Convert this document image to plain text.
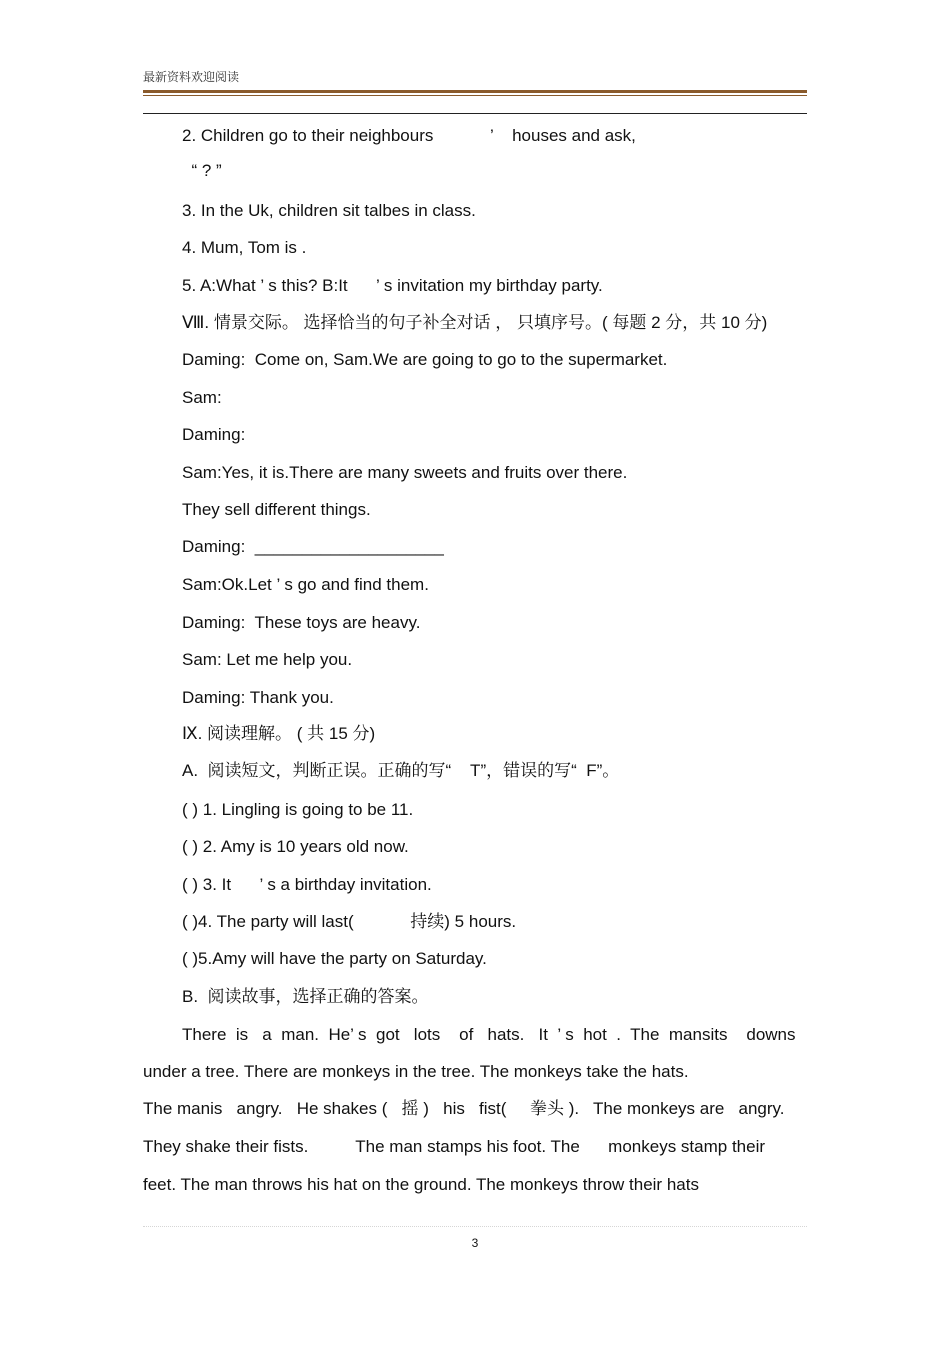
最新资料欢迎阅读
2. Children go to their neighbours            ’    houses and ask,
“ ? ”
3. In the Uk, children sit talbes in class.
4. Mum, Tom is .
5. A:What ’ s this? B:It      ’ s invitation my birthday party.
Ⅷ. 情景交际。 选择恰当的句子补全对话 ， 只填序号。( 每题 2 分，共 10 分)
Daming:  Come on, Sam.We are going to go to the supermarket.
Sam:
Daming:
Sam:Yes, it is.There are many sweets and fruits over there.
They sell different things.
Daming:  ____________________
Sam:Ok.Let ’ s go and find them.
Daming:  These toys are heavy.
Sam: Let me help you.
Daming: Thank you.
Ⅸ. 阅读理解。 ( 共 15 分)
A.  阅读短文，判断正误。正确的写“    T”，错误的写“  F”。
( ) 1. Lingling is going to be 11.
( ) 2. Amy is 10 years old now.
( ) 3. It      ’ s a birthday invitation.
( )4. The party will last(            持续) 5 hours.
( )5.Amy will have the party on Saturday.
B.  阅读故事，选择正确的答案。
There  is   a  man.  He’ s  got   lots    of   hats.   It  ’ s  hot  .  The  mansits    downs
under a tree. There are monkeys in the tree. The monkeys take the hats.
The manis   angry.   He shakes (   摇 )   his   fist(     拳头 ).   The monkeys are   angry.
They shake their fists.          The man stamps his foot. The      monkeys stamp their
feet. The man throws his hat on the ground. The monkeys throw their hats
3
